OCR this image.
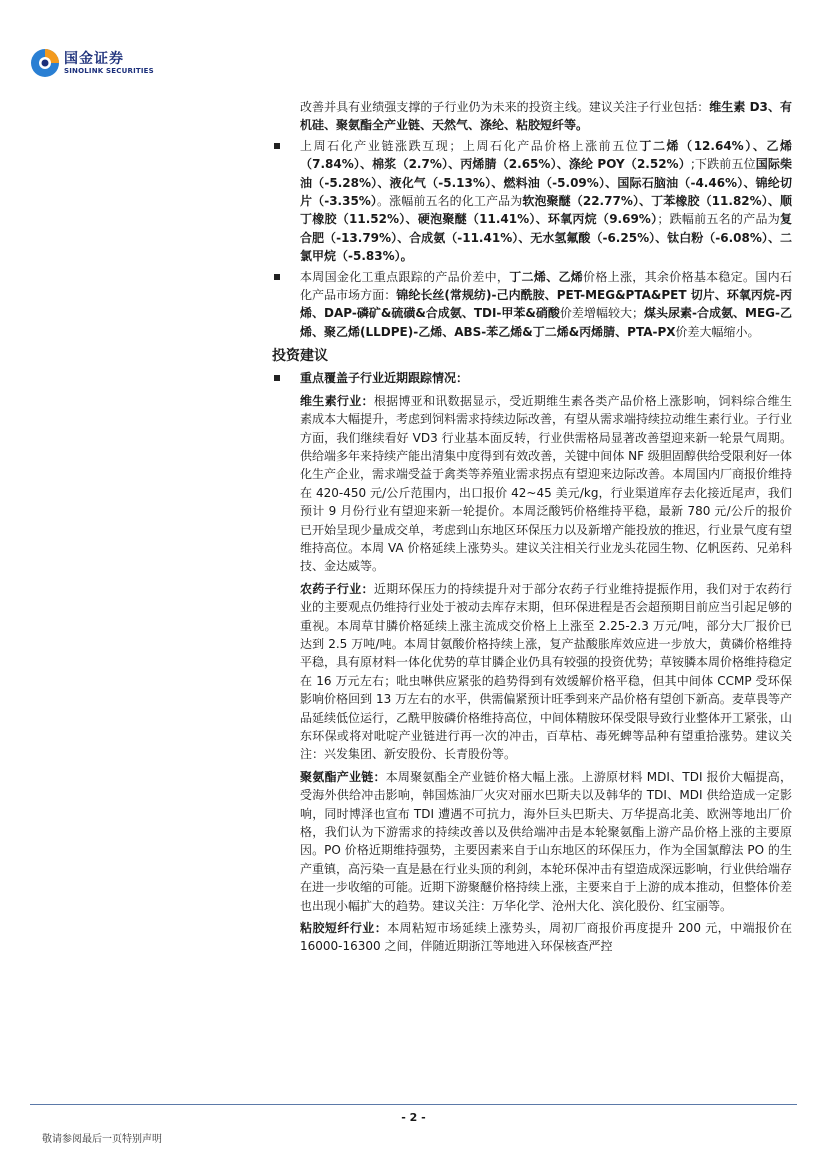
国金证券
SINOLINK SECURITIES

改善并具有业绩强支撑的子行业仍为未来的投资主线。建议关注子行业包括：维生素 D3、有机硅、聚氨酯全产业链、天然气、涤纶、粘胶短纤等。

上周石化产业链涨跌互现；上周石化产品价格上涨前五位丁二烯（12.64%）、乙烯（7.84%）、棉浆（2.7%）、丙烯腈（2.65%）、涤纶 POY（2.52%）;下跌前五位国际柴油（-5.28%）、液化气（-5.13%）、燃料油（-5.09%）、国际石脑油（-4.46%）、锦纶切片（-3.35%）。涨幅前五名的化工产品为软泡聚醚（22.77%）、丁苯橡胶（11.82%）、顺丁橡胶（11.52%）、硬泡聚醚（11.41%）、环氧丙烷（9.69%）；跌幅前五名的产品为复合肥（-13.79%）、合成氨（-11.41%）、无水氢氟酸（-6.25%）、钛白粉（-6.08%）、二氯甲烷（-5.83%）。
本周国金化工重点跟踪的产品价差中，丁二烯、乙烯价格上涨，其余价格基本稳定。国内石化产品市场方面：锦纶长丝(常规纺)-己内酰胺、PET-MEG&PTA&PET 切片、环氧丙烷-丙烯、DAP-磷矿&硫磺&合成氨、TDI-甲苯&硝酸价差增幅较大；煤头尿素-合成氨、MEG-乙烯、聚乙烯(LLDPE)-乙烯、ABS-苯乙烯&丁二烯&丙烯腈、PTA-PX价差大幅缩小。
投资建议
重点覆盖子行业近期跟踪情况：

维生素行业：根据博亚和讯数据显示，受近期维生素各类产品价格上涨影响，饲料综合维生素成本大幅提升，考虑到饲料需求持续边际改善，有望从需求端持续拉动维生素行业。子行业方面，我们继续看好 VD3 行业基本面反转，行业供需格局显著改善望迎来新一轮景气周期。供给端多年来持续产能出清集中度得到有效改善，关键中间体 NF 级胆固醇供给受限利好一体化生产企业，需求端受益于禽类等养殖业需求拐点有望迎来边际改善。本周国内厂商报价维持在 420-450 元/公斤范围内，出口报价 42~45 美元/kg，行业渠道库存去化接近尾声，我们预计 9 月份行业有望迎来新一轮提价。本周泛酸钙价格维持平稳，最新 780 元/公斤的报价已开始呈现少量成交单，考虑到山东地区环保压力以及新增产能投放的推迟，行业景气度有望维持高位。本周 VA 价格延续上涨势头。建议关注相关行业龙头花园生物、亿帆医药、兄弟科技、金达威等。

农药子行业：近期环保压力的持续提升对于部分农药子行业维持提振作用，我们对于农药行业的主要观点仍维持行业处于被动去库存末期，但环保进程是否会超预期目前应当引起足够的重视。本周草甘膦价格延续上涨主流成交价格上上涨至 2.25-2.3 万元/吨，部分大厂报价已达到 2.5 万吨/吨。本周甘氨酸价格持续上涨，复产盐酸胀库效应进一步放大，黄磷价格维持平稳，具有原材料一体化优势的草甘膦企业仍具有较强的投资优势；草铵膦本周价格维持稳定在 16 万元左右；吡虫啉供应紧张的趋势得到有效缓解价格平稳，但其中间体 CCMP 受环保影响价格回到 13 万左右的水平，供需偏紧预计旺季到来产品价格有望创下新高。麦草畏等产品延续低位运行，乙酰甲胺磷价格维持高位，中间体精胺环保受限导致行业整体开工紧张，山东环保或将对吡啶产业链进行再一次的冲击，百草枯、毒死蜱等品种有望重拾涨势。建议关注：兴发集团、新安股份、长青股份等。

聚氨酯产业链：本周聚氨酯全产业链价格大幅上涨。上游原材料 MDI、TDI 报价大幅提高，受海外供给冲击影响，韩国炼油厂火灾对丽水巴斯夫以及韩华的 TDI、MDI 供给造成一定影响，同时博泽也宣布 TDI 遭遇不可抗力，海外巨头巴斯夫、万华提高北美、欧洲等地出厂价格，我们认为下游需求的持续改善以及供给端冲击是本轮聚氨酯上游产品价格上涨的主要原因。PO 价格近期维持强势，主要因素来自于山东地区的环保压力，作为全国氯醇法 PO 的生产重镇，高污染一直是悬在行业头顶的利剑，本轮环保冲击有望造成深远影响，行业供给端存在进一步收缩的可能。近期下游聚醚价格持续上涨，主要来自于上游的成本推动，但整体价差也出现小幅扩大的趋势。建议关注：万华化学、沧州大化、滨化股份、红宝丽等。

粘胶短纤行业：本周粘短市场延续上涨势头，周初厂商报价再度提升 200 元，中端报价在 16000-16300 之间，伴随近期浙江等地进入环保核查严控

- 2 -
敬请参阅最后一页特别声明
